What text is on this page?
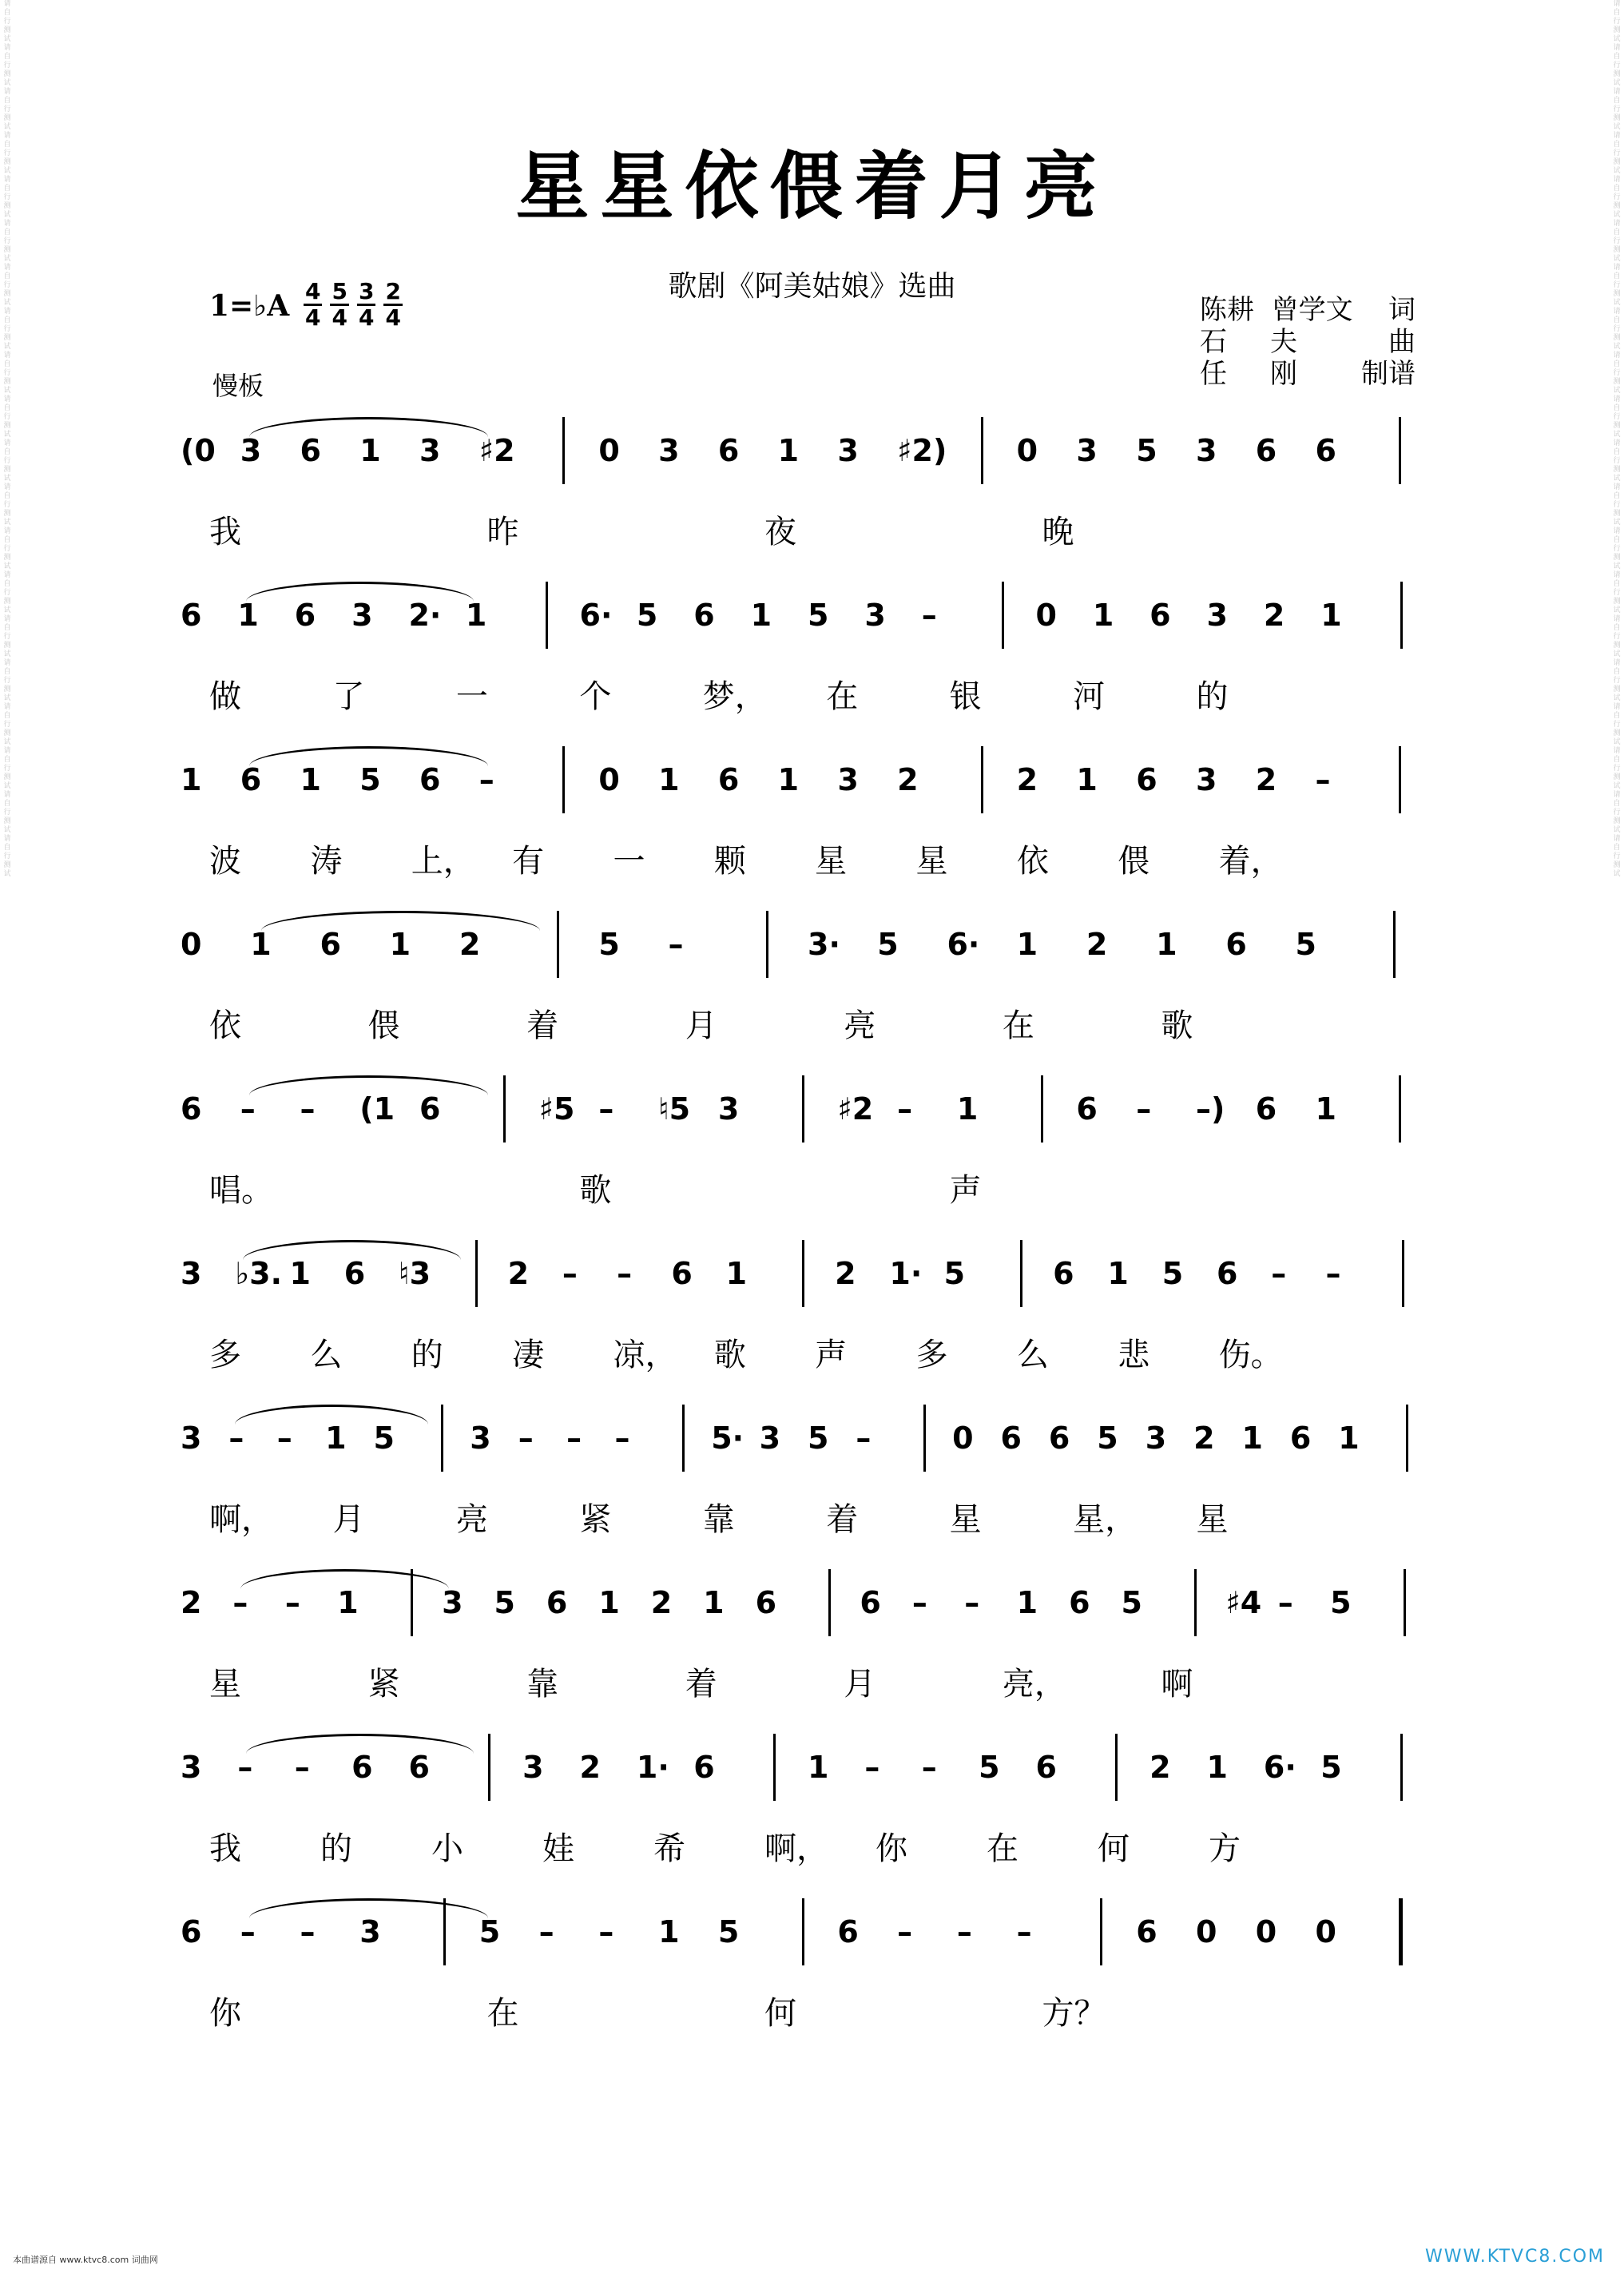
请自行测试请自行测试请自行测试请自行测试请自行测试请自行测试请自行测试请自行测试请自行测试请自行测试请自行测试请自行测试请自行测试请自行测试请自行测试请自行测试请自行测试请自行测试请自行测试请自行测试
请自行测试请自行测试请自行测试请自行测试请自行测试请自行测试请自行测试请自行测试请自行测试请自行测试请自行测试请自行测试请自行测试请自行测试请自行测试请自行测试请自行测试请自行测试请自行测试请自行测试
星星依偎着月亮
歌剧《阿美姑娘》选曲
1=♭A $\frac{4}{4} \frac{5}{4} \frac{3}{4} \frac{2}{4}$
慢板
陈耕  曾学文 词
石     夫	曲
任     刚 制谱
(0 3 6 1 3 ♯2	0 3 6 1 3 ♯2) 0 3 5 3 6 6
我	昨	夜	晚
6 1 6 3 2· 1	6· 5 6 1 5 3 –	0 1 6 3 2 1
做	了	一	个	梦， 在	银	河	的
1 6 1 5 6 –	0 1 6 1 3 2	2 1 6 3 2 –
波 涛 上， 有 一 颗 星 星 依 偎 着，
0 1 6 1 2	5 –	3· 5 6· 1 2 1 6 5
依	偎	着	月	亮	在	歌
6 – – (1 6	♯5 – ♮5 3	♯2 – 1	6 – –) 6 1
唱。	歌	声
3 ♭3. 1 6 ♮3	2 – – 6 1	2 1· 5	6 1 5 6 – –
多 么 的 凄 凉， 歌 声 多 么 悲 伤。
3 – – 1 5 3 – – –	5· 3 5 –	0 6 6 5 3 2 1 6 1
啊， 月	亮	紧	靠	着	星	星， 星
2 – – 1	3 5 6 1 2 1 6	6 – – 1 6 5	♯4 – 5
星	紧	靠	着	月	亮，	啊
3 – – 6 6	3 2 1· 6	1 – – 5 6	2 1 6· 5
我 的 小 娃 希 啊， 你 在 何 方
6 – – 3	5 – – 1 5	6 – – –	6 0 0 0
你	在	何	方？
本曲谱源自 www.ktvc8.com 词曲网	WWW.KTVC8.COM
